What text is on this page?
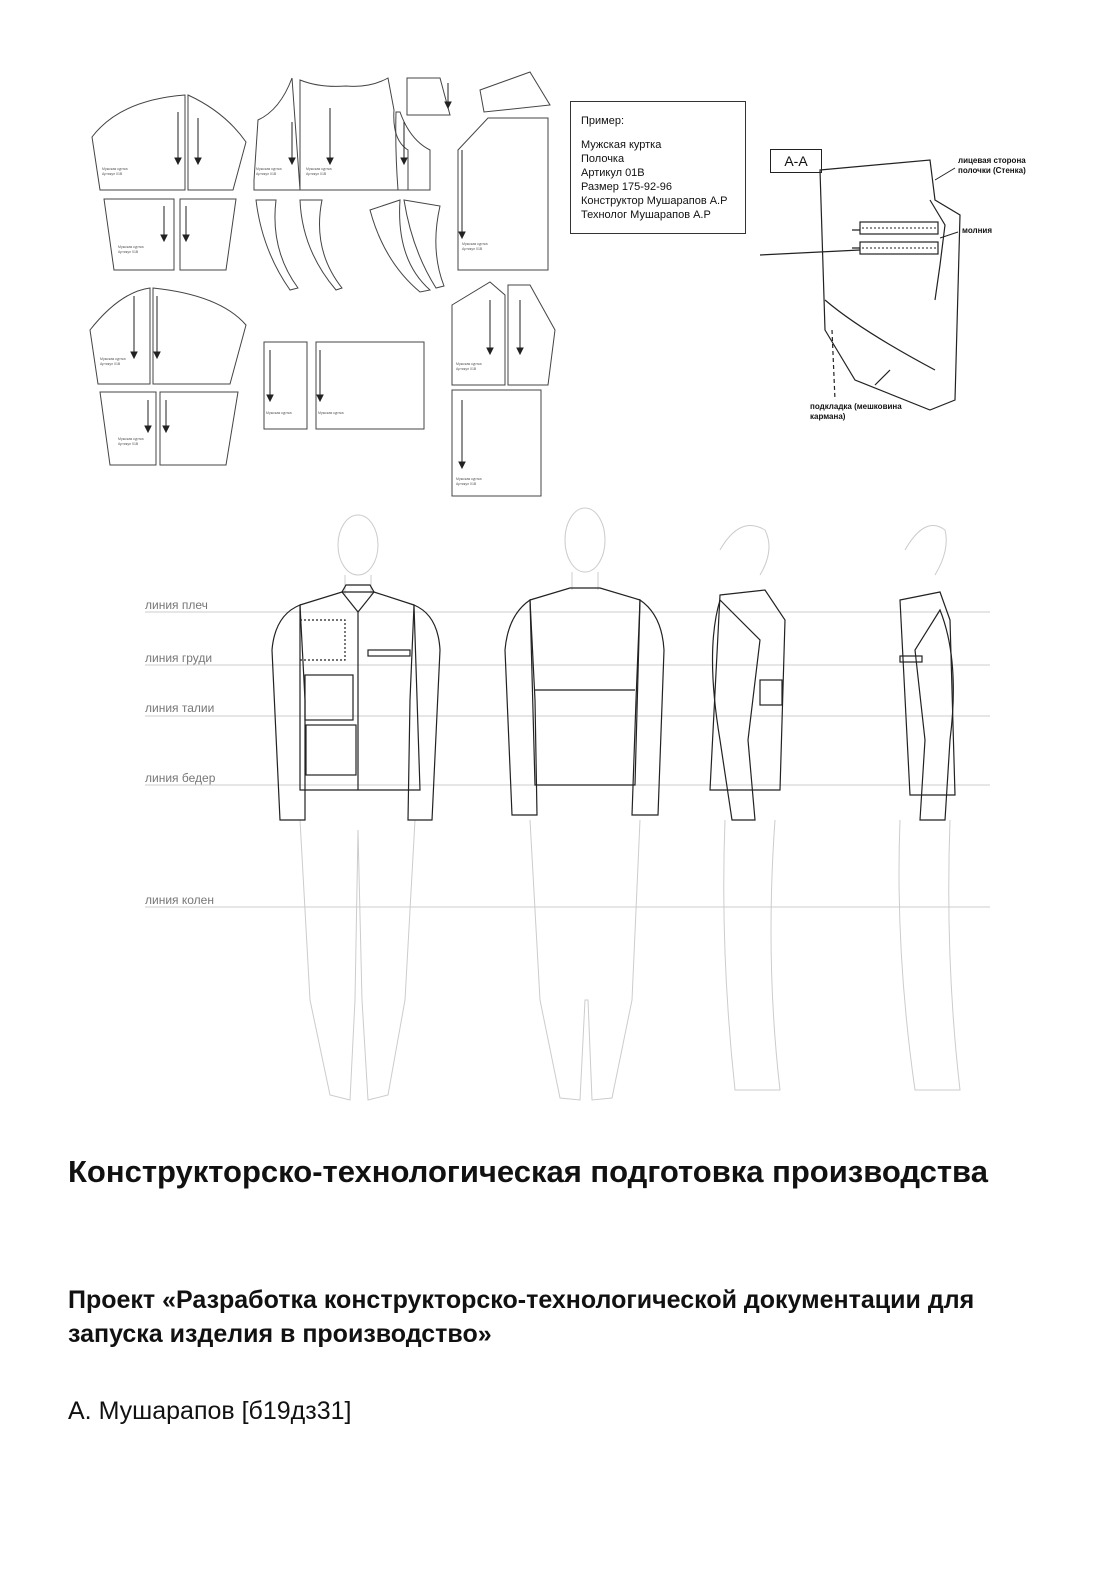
Мужская куртка
Артикул 01В
Мужская куртка
Артикул 01В
Мужская куртка
Артикул 01В
Мужская куртка
Артикул 01В
Мужская куртка
Артикул 01В
Мужская куртка
Артикул 01В
Мужская куртка
Артикул 01В
Мужская куртка
Артикул 01В
Мужская куртка	Мужская куртка
Мужская куртка
Артикул 01В
Пример:
Мужская куртка
Полочка
Артикул 01В
Размер 175-92-96
Конструктор Мушарапов А.Р
Технолог Мушарапов А.Р
А-А	лицевая сторона полочки (Стенка)
молния
подкладка (мешковина кармана)
линия плеч
линия груди
линия талии
линия бедер
линия колен
Конструкторско-технологическая подготовка производства
Проект «Разработка конструкторско-технологической документации для запуска изделия в производство»
А. Мушарапов [б19дз31]
